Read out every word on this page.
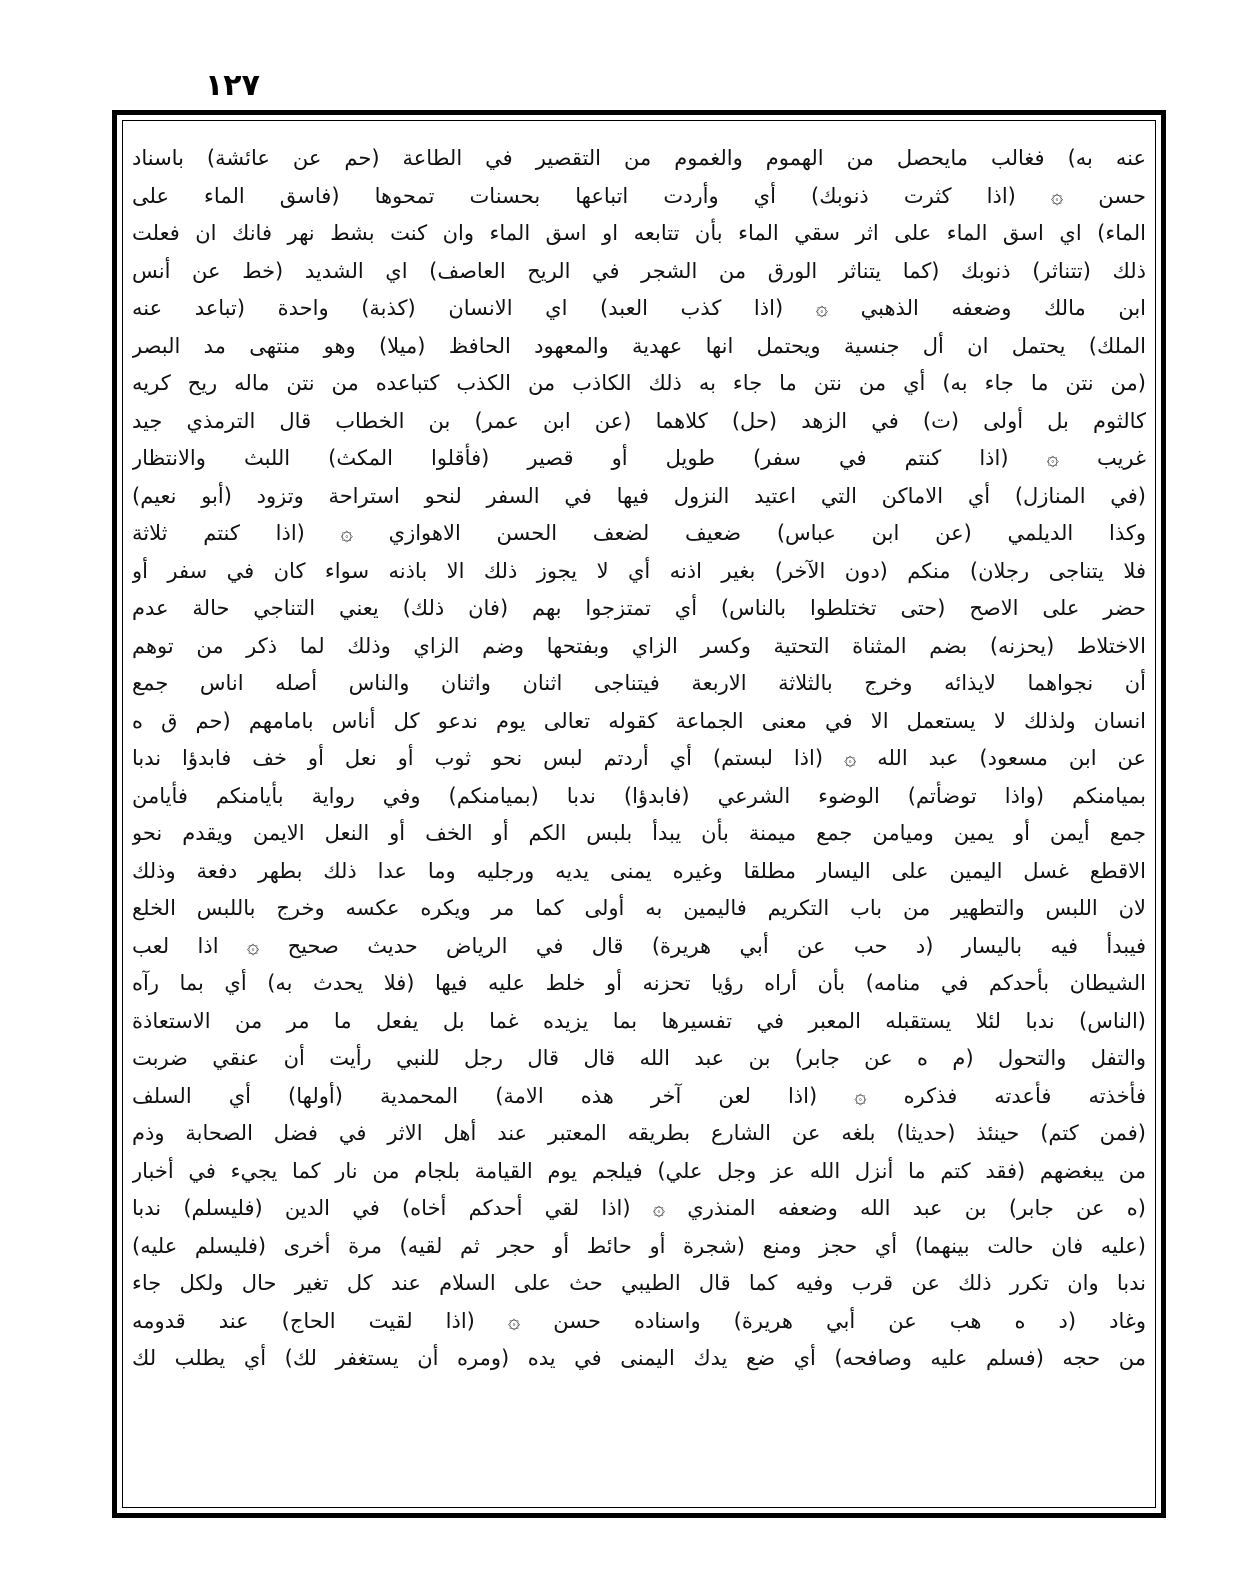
١٢٧
عنه به) فغالب مايحصل من الهموم والغموم من التقصير في الطاعة (حم عن عائشة) باسناد
حسن ۞ (اذا كثرت ذنوبك) أي وأردت اتباعها بحسنات تمحوها (فاسق الماء على
الماء) اي اسق الماء على اثر سقي الماء بأن تتابعه او اسق الماء وان كنت بشط نهر فانك ان فعلت
ذلك (تتناثر) ذنوبك (كما يتناثر الورق من الشجر في الريح العاصف) اي الشديد (خط عن أنس
ابن مالك وضعفه الذهبي ۞ (اذا كذب العبد) اي الانسان (كذبة) واحدة (تباعد عنه
الملك) يحتمل ان أل جنسية ويحتمل انها عهدية والمعهود الحافظ (ميلا) وهو منتهى مد البصر
(من نتن ما جاء به) أي من نتن ما جاء به ذلك الكاذب من الكذب كتباعده من نتن ماله ريح كريه
كالثوم بل أولى (ت) في الزهد (حل) كلاهما (عن ابن عمر) بن الخطاب قال الترمذي جيد
غريب ۞ (اذا كنتم في سفر) طويل أو قصير (فأقلوا المكث) اللبث والانتظار
(في المنازل) أي الاماكن التي اعتيد النزول فيها في السفر لنحو استراحة وتزود (أبو نعيم)
وكذا الديلمي (عن ابن عباس) ضعيف لضعف الحسن الاهوازي ۞ (اذا كنتم ثلاثة
فلا يتناجى رجلان) منكم (دون الآخر) بغير اذنه أي لا يجوز ذلك الا باذنه سواء كان في سفر أو
حضر على الاصح (حتى تختلطوا بالناس) أي تمتزجوا بهم (فان ذلك) يعني التناجي حالة عدم
الاختلاط (يحزنه) بضم المثناة التحتية وكسر الزاي وبفتحها وضم الزاي وذلك لما ذكر من توهم
أن نجواهما لايذائه وخرج بالثلاثة الاربعة فيتناجى اثنان واثنان والناس أصله اناس جمع
انسان ولذلك لا يستعمل الا في معنى الجماعة كقوله تعالى يوم ندعو كل أناس بامامهم (حم ق ه
عن ابن مسعود) عبد الله ۞ (اذا لبستم) أي أردتم لبس نحو ثوب أو نعل أو خف فابدؤا ندبا
بميامنكم (واذا توضأتم) الوضوء الشرعي (فابدؤا) ندبا (بميامنكم) وفي رواية بأيامنكم فأيامن
جمع أيمن أو يمين وميامن جمع ميمنة بأن يبدأ بلبس الكم أو الخف أو النعل الايمن ويقدم نحو
الاقطع غسل اليمين على اليسار مطلقا وغيره يمنى يديه ورجليه وما عدا ذلك بطهر دفعة وذلك
لان اللبس والتطهير من باب التكريم فاليمين به أولى كما مر ويكره عكسه وخرج باللبس الخلع
فيبدأ فيه باليسار (د حب عن أبي هريرة) قال في الرياض حديث صحيح ۞ اذا لعب
الشيطان بأحدكم في منامه) بأن أراه رؤيا تحزنه أو خلط عليه فيها (فلا يحدث به) أي بما رآه
(الناس) ندبا لئلا يستقبله المعبر في تفسيرها بما يزيده غما بل يفعل ما مر من الاستعاذة
والتفل والتحول (م ه عن جابر) بن عبد الله قال قال رجل للنبي رأيت أن عنقي ضربت
فأخذته فأعدته فذكره ۞ (اذا لعن آخر هذه الامة) المحمدية (أولها) أي السلف
(فمن كتم) حينئذ (حديثا) بلغه عن الشارع بطريقه المعتبر عند أهل الاثر في فضل الصحابة وذم
من يبغضهم (فقد كتم ما أنزل الله عز وجل علي) فيلجم يوم القيامة بلجام من نار كما يجيء في أخبار
(ه عن جابر) بن عبد الله وضعفه المنذري ۞ (اذا لقي أحدكم أخاه) في الدين (فليسلم) ندبا
(عليه فان حالت بينهما) أي حجز ومنع (شجرة أو حائط أو حجر ثم لقيه) مرة أخرى (فليسلم عليه)
ندبا وان تكرر ذلك عن قرب وفيه كما قال الطيبي حث على السلام عند كل تغير حال ولكل جاء
وغاد (د ه هب عن أبي هريرة) واسناده حسن ۞ (اذا لقيت الحاج) عند قدومه
من حجه (فسلم عليه وصافحه) أي ضع يدك اليمنى في يده (ومره أن يستغفر لك) أي يطلب لك
